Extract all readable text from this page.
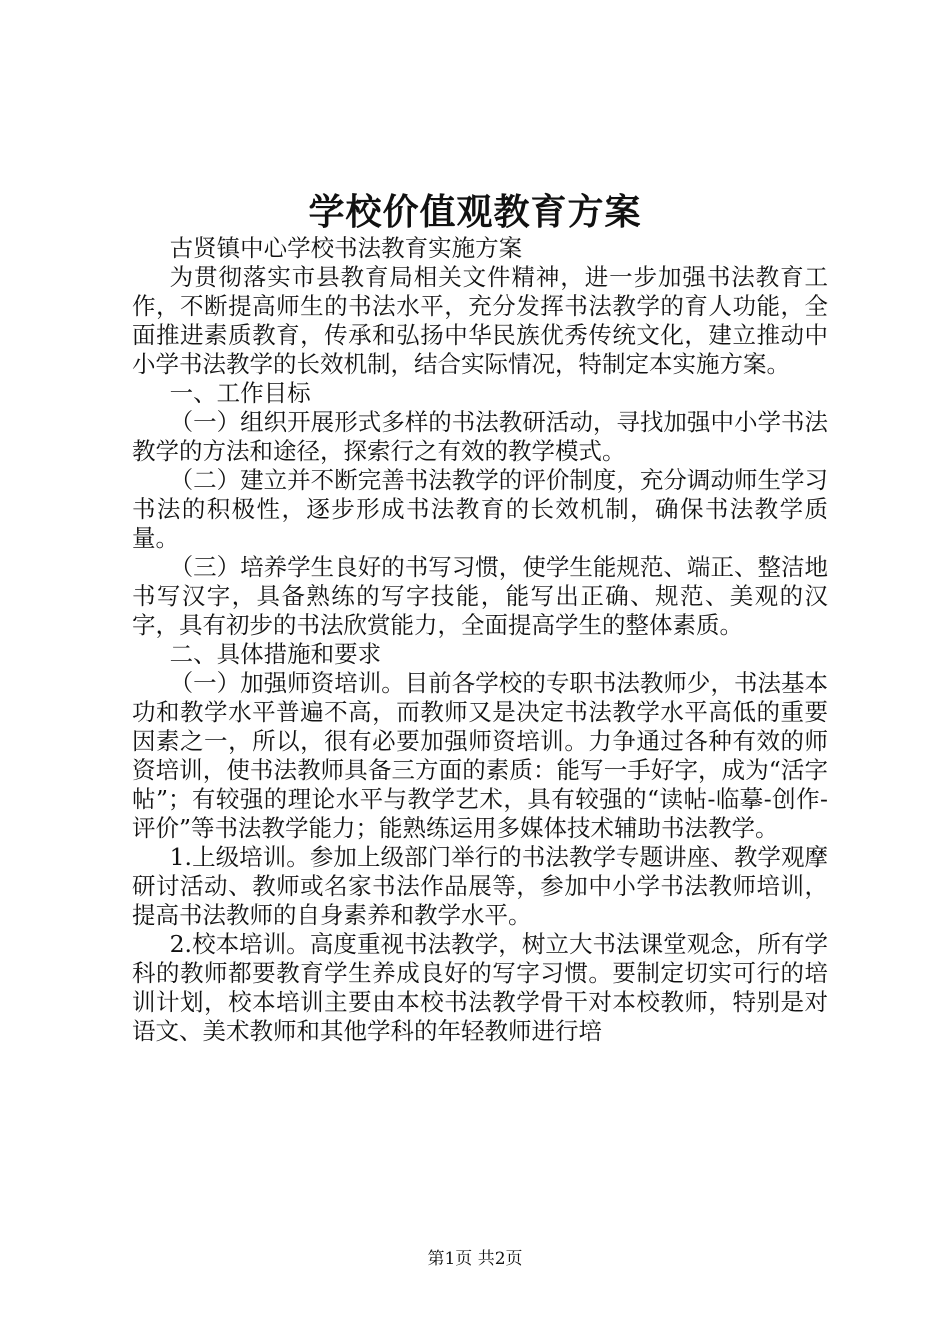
学校价值观教育方案

古贤镇中心学校书法教育实施方案

为贯彻落实市县教育局相关文件精神，进一步加强书法教育工作，不断提高师生的书法水平，充分发挥书法教学的育人功能，全面推进素质教育，传承和弘扬中华民族优秀传统文化，建立推动中小学书法教学的长效机制，结合实际情况，特制定本实施方案。

一、工作目标

（一）组织开展形式多样的书法教研活动，寻找加强中小学书法教学的方法和途径，探索行之有效的教学模式。

（二）建立并不断完善书法教学的评价制度，充分调动师生学习书法的积极性，逐步形成书法教育的长效机制，确保书法教学质量。

（三）培养学生良好的书写习惯，使学生能规范、端正、整洁地书写汉字，具备熟练的写字技能，能写出正确、规范、美观的汉字，具有初步的书法欣赏能力，全面提高学生的整体素质。

二、具体措施和要求

（一）加强师资培训。目前各学校的专职书法教师少，书法基本功和教学水平普遍不高，而教师又是决定书法教学水平高低的重要因素之一，所以，很有必要加强师资培训。力争通过各种有效的师资培训，使书法教师具备三方面的素质：能写一手好字，成为“活字帖”；有较强的理论水平与教学艺术，具有较强的“读帖-临摹-创作-评价”等书法教学能力；能熟练运用多媒体技术辅助书法教学。

1.上级培训。参加上级部门举行的书法教学专题讲座、教学观摩研讨活动、教师或名家书法作品展等，参加中小学书法教师培训，提高书法教师的自身素养和教学水平。

2.校本培训。高度重视书法教学，树立大书法课堂观念，所有学科的教师都要教育学生养成良好的写字习惯。要制定切实可行的培训计划，校本培训主要由本校书法教学骨干对本校教师，特别是对语文、美术教师和其他学科的年轻教师进行培

第1页 共2页
